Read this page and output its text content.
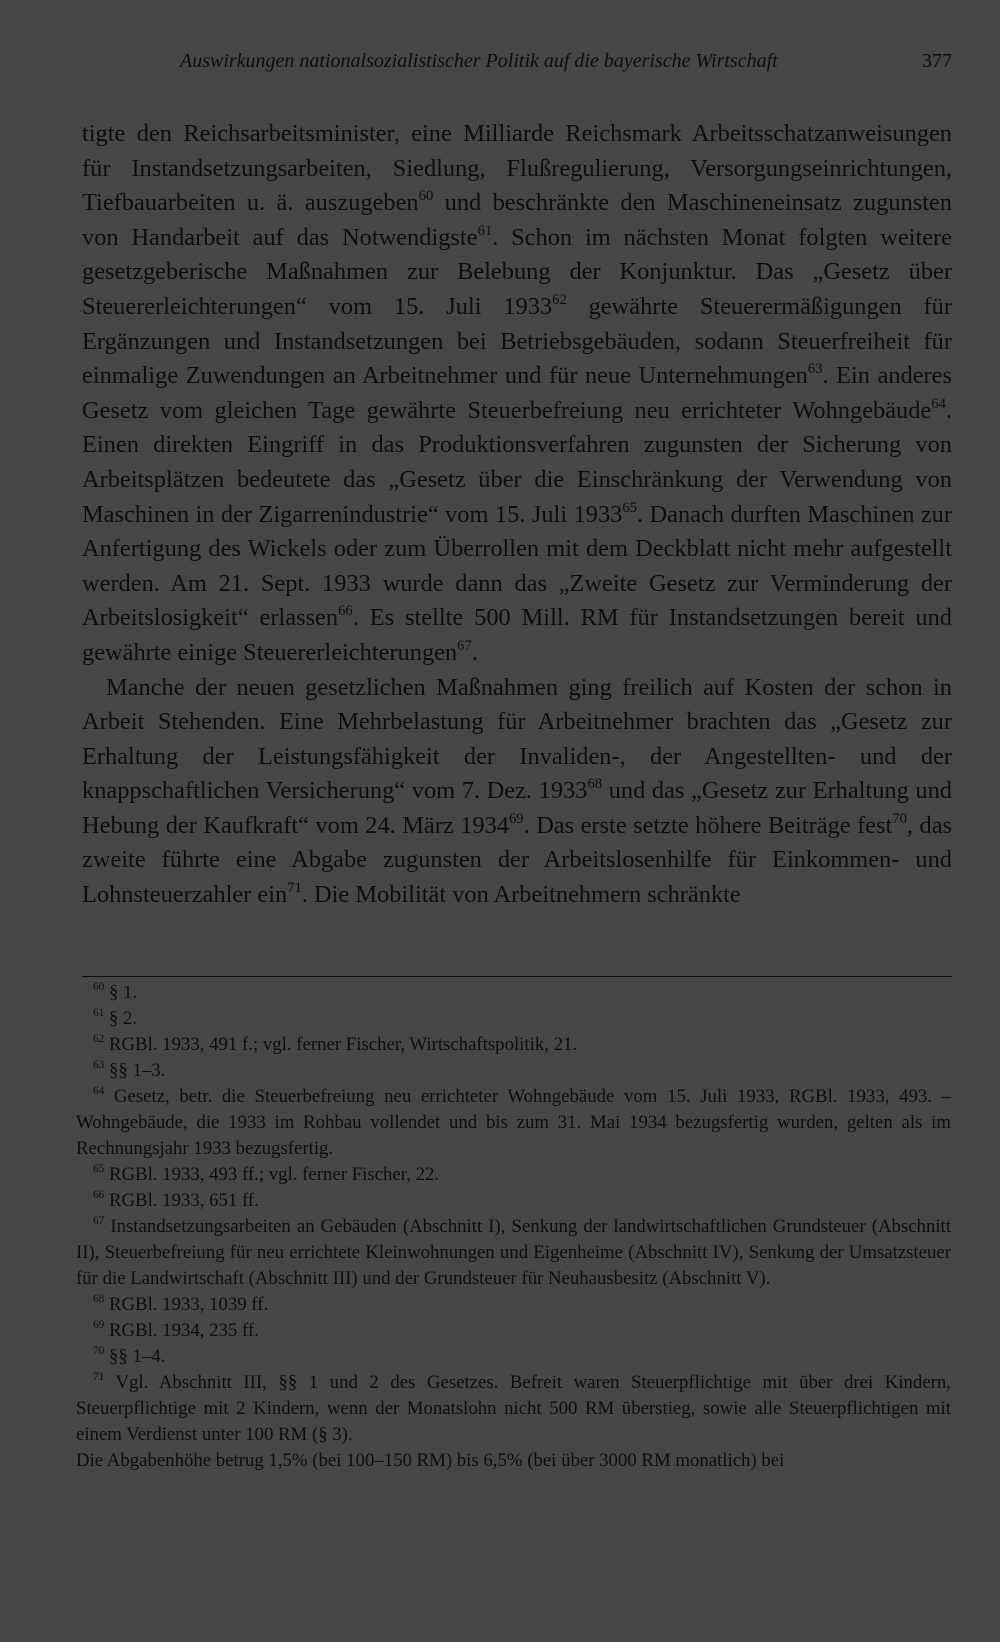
Auswirkungen nationalsozialistischer Politik auf die bayerische Wirtschaft	377

tigte den Reichsarbeitsminister, eine Milliarde Reichsmark Arbeitsschatzanweisungen für Instandsetzungsarbeiten, Siedlung, Flußregulierung, Versorgungseinrichtungen, Tiefbauarbeiten u. ä. auszugeben$^{60}$ und beschränkte den Maschineneinsatz zugunsten von Handarbeit auf das Notwendigste$^{61}$. Schon im nächsten Monat folgten weitere gesetzgeberische Maßnahmen zur Belebung der Konjunktur. Das „Gesetz über Steuererleichterungen“ vom 15. Juli 1933$^{62}$ gewährte Steuerermäßigungen für Ergänzungen und Instandsetzungen bei Betriebsgebäuden, sodann Steuerfreiheit für einmalige Zuwendungen an Arbeitnehmer und für neue Unternehmungen$^{63}$. Ein anderes Gesetz vom gleichen Tage gewährte Steuerbefreiung neu errichteter Wohngebäude$^{64}$. Einen direkten Eingriff in das Produktionsverfahren zugunsten der Sicherung von Arbeitsplätzen bedeutete das „Gesetz über die Einschränkung der Verwendung von Maschinen in der Zigarrenindustrie“ vom 15. Juli 1933$^{65}$. Danach durften Maschinen zur Anfertigung des Wickels oder zum Überrollen mit dem Deckblatt nicht mehr aufgestellt werden. Am 21. Sept. 1933 wurde dann das „Zweite Gesetz zur Verminderung der Arbeitslosigkeit“ erlassen$^{66}$. Es stellte 500 Mill. RM für Instandsetzungen bereit und gewährte einige Steuererleichterungen$^{67}$.

Manche der neuen gesetzlichen Maßnahmen ging freilich auf Kosten der schon in Arbeit Stehenden. Eine Mehrbelastung für Arbeitnehmer brachten das „Gesetz zur Erhaltung der Leistungsfähigkeit der Invaliden-, der Angestellten- und der knappschaftlichen Versicherung“ vom 7. Dez. 1933$^{68}$ und das „Gesetz zur Erhaltung und Hebung der Kaufkraft“ vom 24. März 1934$^{69}$. Das erste setzte höhere Beiträge fest$^{70}$, das zweite führte eine Abgabe zugunsten der Arbeitslosenhilfe für Einkommen- und Lohnsteuerzahler ein$^{71}$. Die Mobilität von Arbeitnehmern schränkte

$^{60}$ § 1.

$^{61}$ § 2.

$^{62}$ RGBl. 1933, 491 f.; vgl. ferner Fischer, Wirtschaftspolitik, 21.

$^{63}$ §§ 1–3.

$^{64}$ Gesetz, betr. die Steuerbefreiung neu errichteter Wohngebäude vom 15. Juli 1933, RGBl. 1933, 493. – Wohngebäude, die 1933 im Rohbau vollendet und bis zum 31. Mai 1934 bezugsfertig wurden, gelten als im Rechnungsjahr 1933 bezugsfertig.

$^{65}$ RGBl. 1933, 493 ff.; vgl. ferner Fischer, 22.

$^{66}$ RGBl. 1933, 651 ff.

$^{67}$ Instandsetzungsarbeiten an Gebäuden (Abschnitt I), Senkung der landwirtschaftlichen Grundsteuer (Abschnitt II), Steuerbefreiung für neu errichtete Kleinwohnungen und Eigenheime (Abschnitt IV), Senkung der Umsatzsteuer für die Landwirtschaft (Abschnitt III) und der Grundsteuer für Neuhausbesitz (Abschnitt V).

$^{68}$ RGBl. 1933, 1039 ff.

$^{69}$ RGBl. 1934, 235 ff.

$^{70}$ §§ 1–4.

$^{71}$ Vgl. Abschnitt III, §§ 1 und 2 des Gesetzes. Befreit waren Steuerpflichtige mit über drei Kindern, Steuerpflichtige mit 2 Kindern, wenn der Monatslohn nicht 500 RM überstieg, sowie alle Steuerpflichtigen mit einem Verdienst unter 100 RM (§ 3).

Die Abgabenhöhe betrug 1,5% (bei 100–150 RM) bis 6,5% (bei über 3000 RM monatlich) bei
